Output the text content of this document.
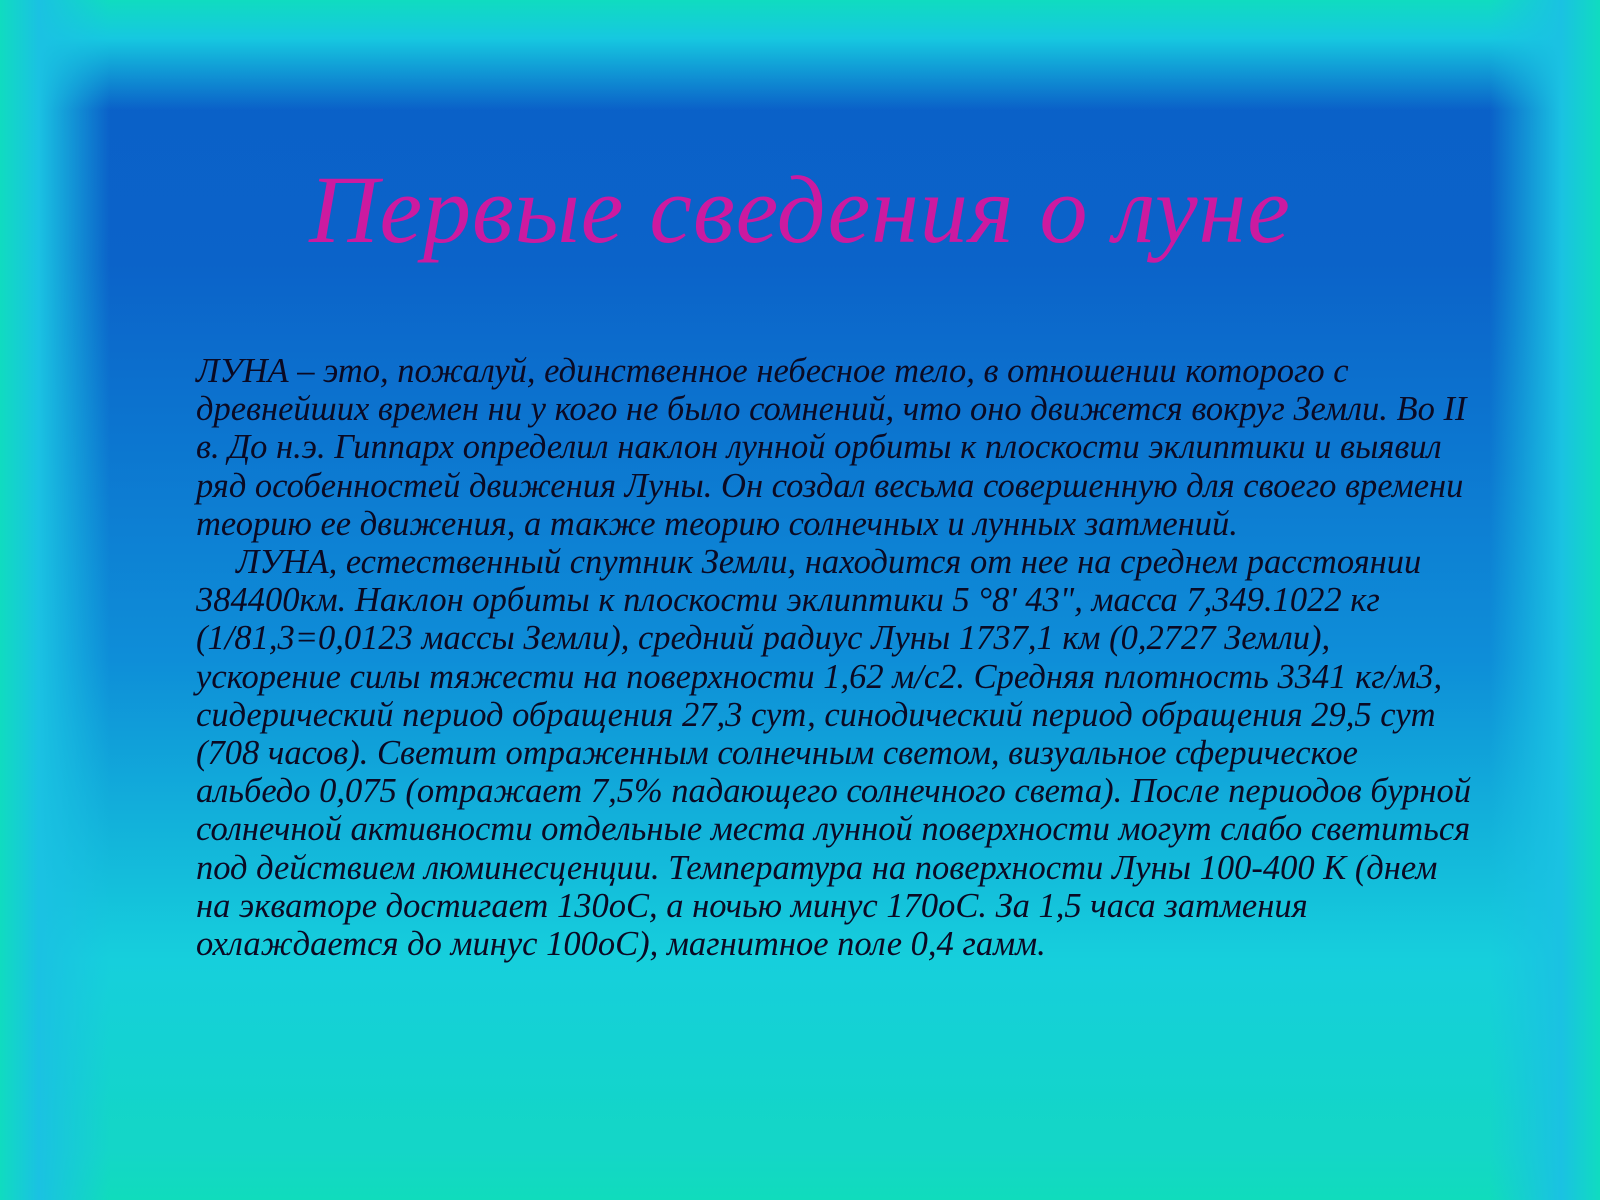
Первые сведения о луне

ЛУНА – это, пожалуй, единственное небесное тело, в отношении которого с древнейших времен ни у кого не было сомнений, что оно движется вокруг Земли. Во II в. До н.э. Гиппарх определил наклон лунной орбиты к плоскости эклиптики и выявил ряд особенностей движения Луны. Он создал весьма совершенную для своего времени теорию ее движения, а также теорию солнечных и лунных затмений.

ЛУНА, естественный спутник Земли, находится от нее на среднем расстоянии 384400км. Наклон орбиты к плоскости эклиптики 5 °8' 43", масса 7,349.1022 кг (1/81,3=0,0123 массы Земли), средний радиус Луны 1737,1 км (0,2727 Земли), ускорение силы тяжести на поверхности 1,62 м/с2. Средняя плотность 3341 кг/м3, сидерический период обращения 27,3 сут, синодический период обращения 29,5 сут (708 часов). Светит отраженным солнечным светом, визуальное сферическое альбедо 0,075 (отражает 7,5% падающего солнечного света). После периодов бурной солнечной активности отдельные места лунной поверхности могут слабо светиться под действием люминесценции. Температура на поверхности Луны 100-400 К (днем на экваторе достигает 130оС, а ночью минус 170оС. За 1,5 часа затмения охлаждается до минус 100оС), магнитное поле 0,4 гамм.
